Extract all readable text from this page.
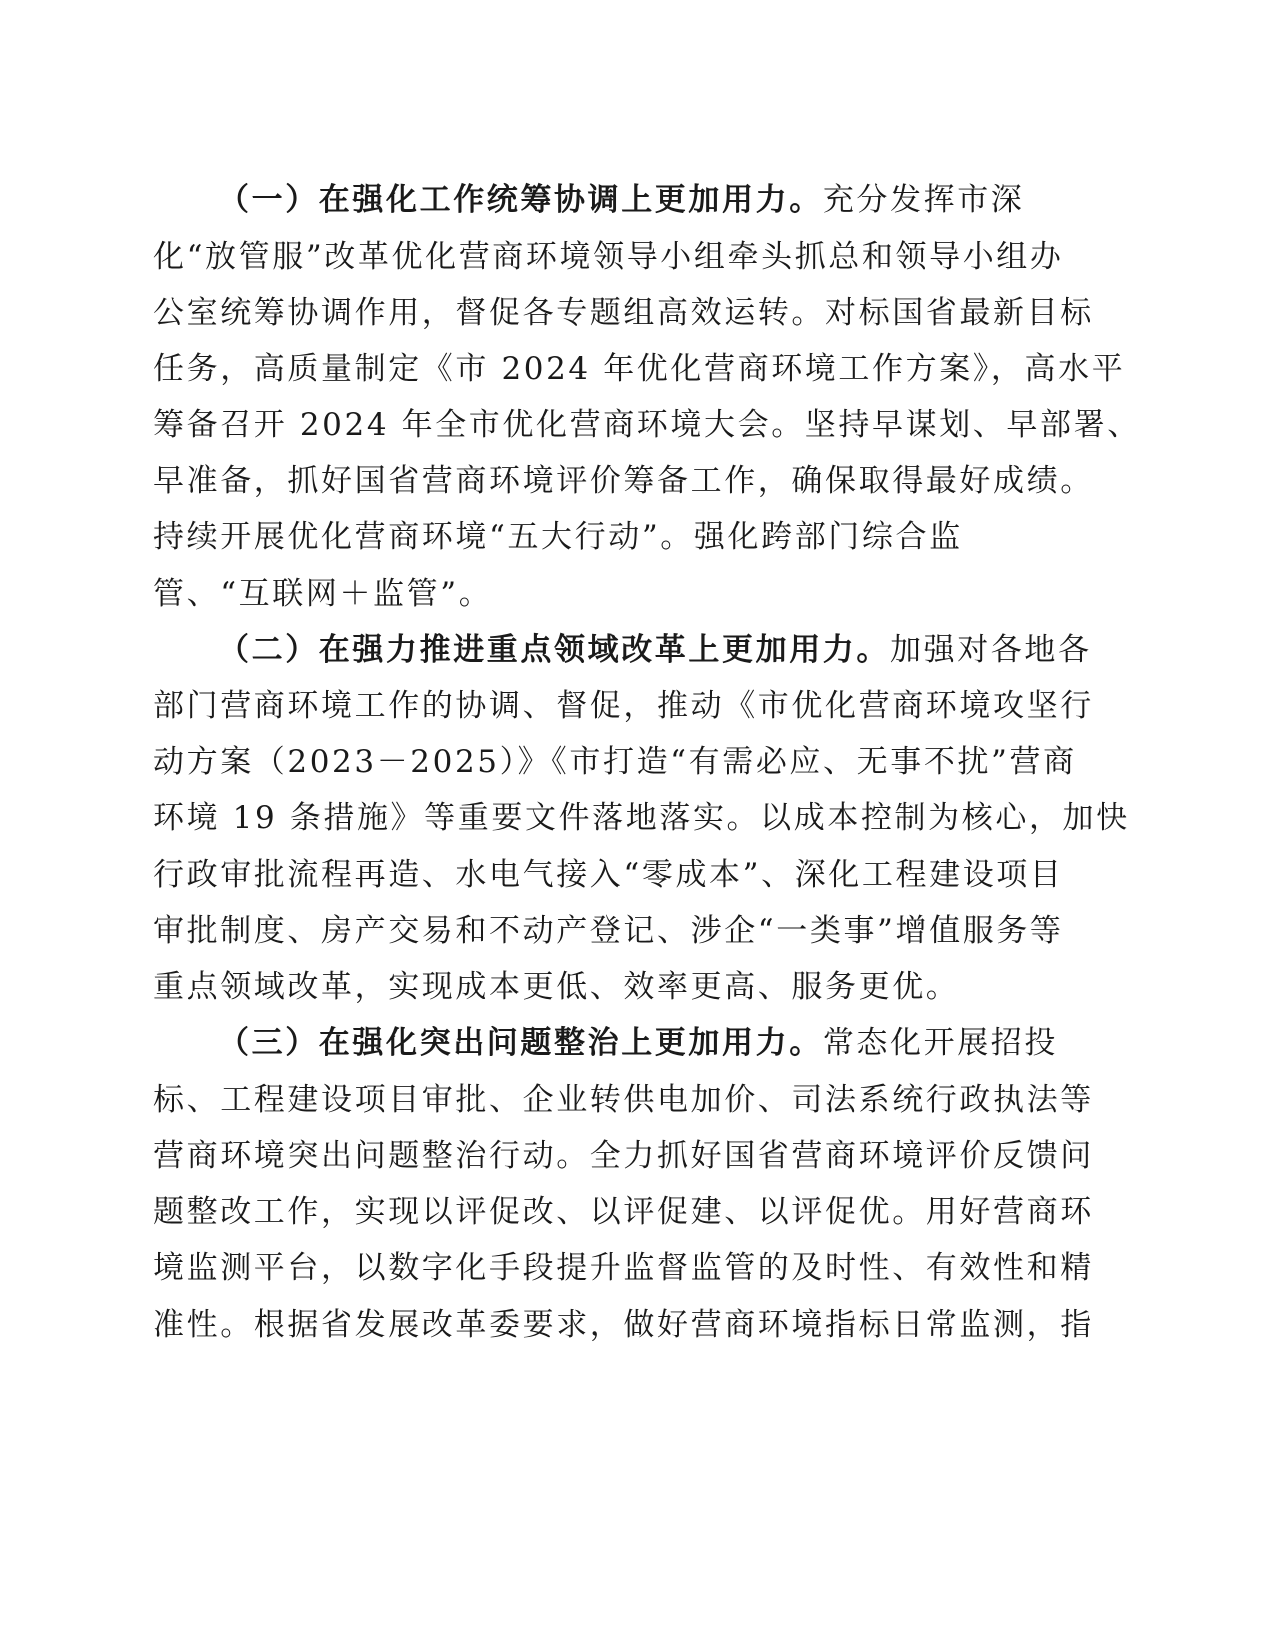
（一）在强化工作统筹协调上更加用力。充分发挥市深
化“放管服”改革优化营商环境领导小组牵头抓总和领导小组办
公室统筹协调作用，督促各专题组高效运转。对标国省最新目标
任务，高质量制定《市 2024 年优化营商环境工作方案》，高水平
筹备召开 2024 年全市优化营商环境大会。坚持早谋划、早部署、
早准备，抓好国省营商环境评价筹备工作，确保取得最好成绩。
持续开展优化营商环境“五大行动”。强化跨部门综合监
管、“互联网＋监管”。
（二）在强力推进重点领域改革上更加用力。加强对各地各
部门营商环境工作的协调、督促，推动《市优化营商环境攻坚行
动方案（2023－2025）》《市打造“有需必应、无事不扰”营商
环境 19 条措施》等重要文件落地落实。以成本控制为核心，加快
行政审批流程再造、水电气接入“零成本”、深化工程建设项目
审批制度、房产交易和不动产登记、涉企“一类事”增值服务等
重点领域改革，实现成本更低、效率更高、服务更优。
（三）在强化突出问题整治上更加用力。常态化开展招投
标、工程建设项目审批、企业转供电加价、司法系统行政执法等
营商环境突出问题整治行动。全力抓好国省营商环境评价反馈问
题整改工作，实现以评促改、以评促建、以评促优。用好营商环
境监测平台，以数字化手段提升监督监管的及时性、有效性和精
准性。根据省发展改革委要求，做好营商环境指标日常监测，指
